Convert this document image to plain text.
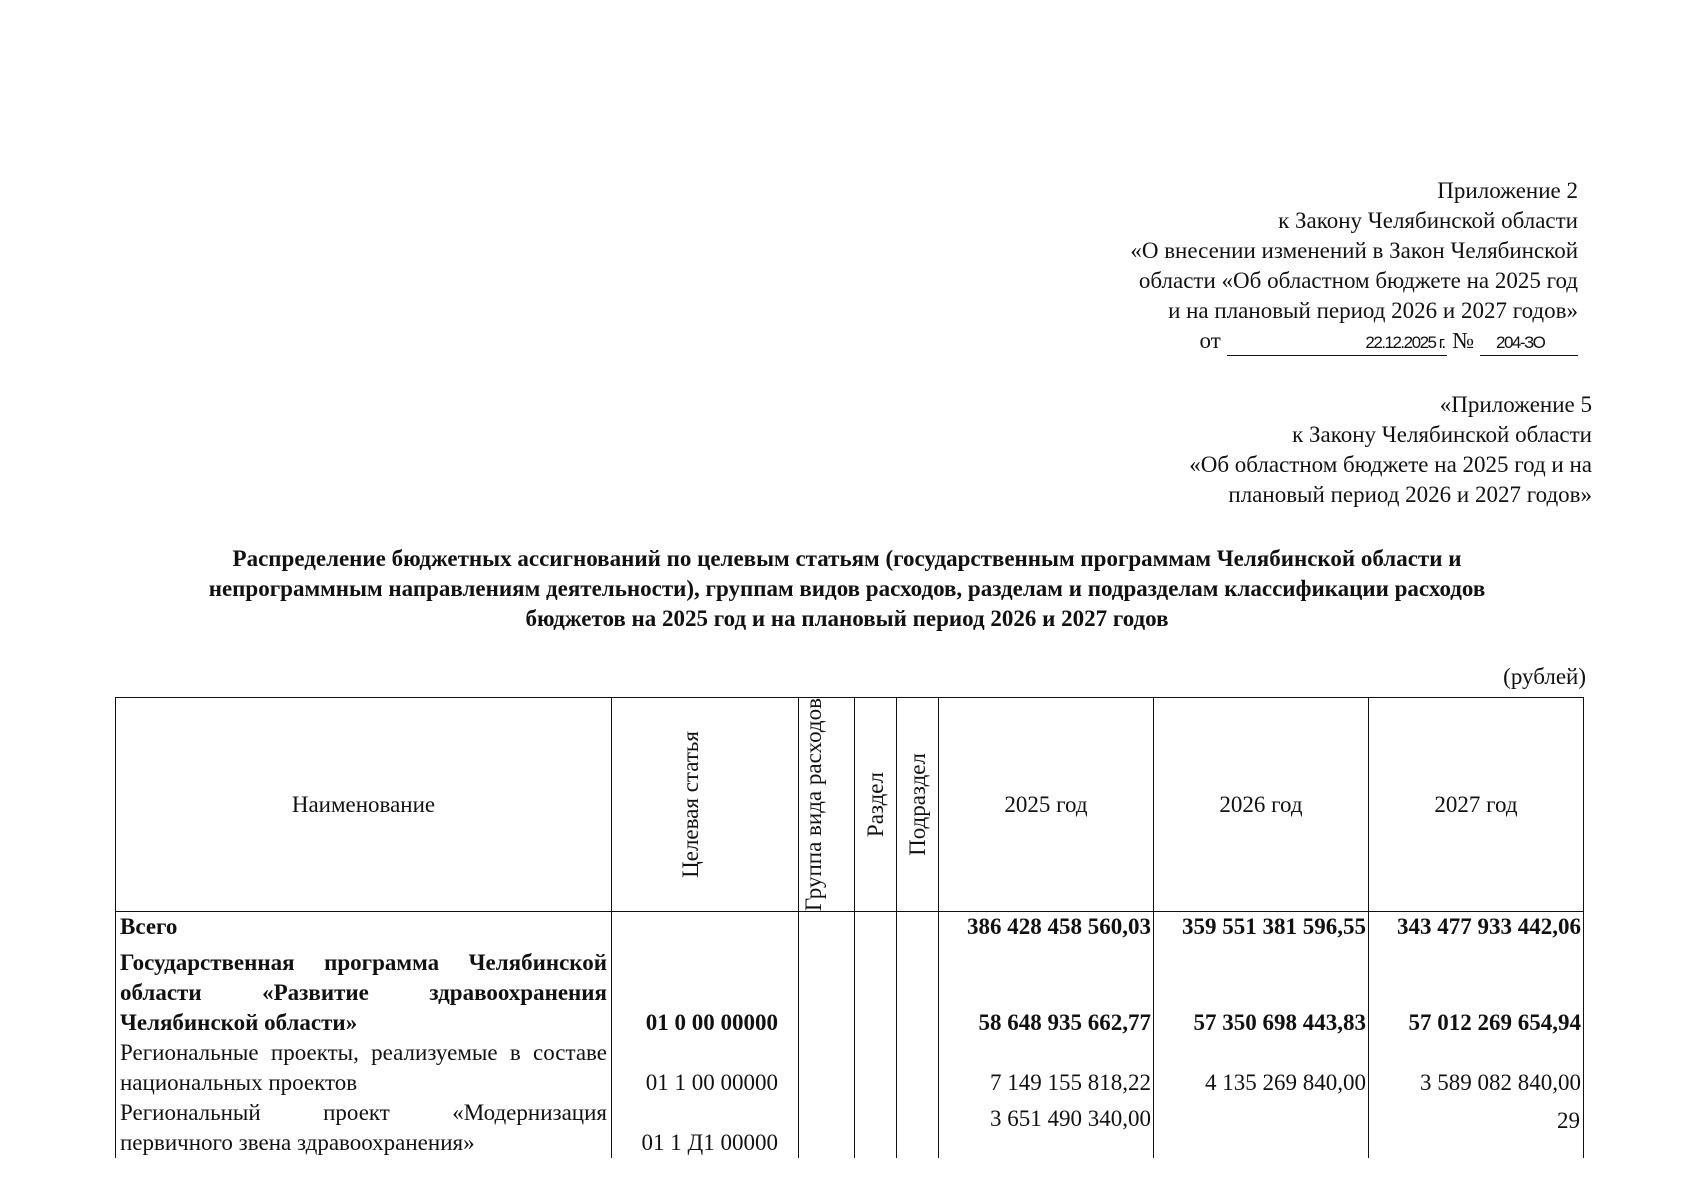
Приложение 2
к Закону Челябинской области
«О внесении изменений в Закон Челябинской
области «Об областном бюджете на 2025 год
и на плановый период 2026 и 2027 годов»
от	22.12.2025 г. № 204-ЗО
«Приложение 5
к Закону Челябинской области
«Об областном бюджете на 2025 год и на
плановый период 2026 и 2027 годов»
Распределение бюджетных ассигнований по целевым статьям (государственным программам Челябинской области и
непрограммным направлениям деятельности), группам видов расходов, разделам и подразделам классификации расходов
бюджетов на 2025 год и на плановый период 2026 и 2027 годов
(рублей)
Наименование	Целевая статья	Группа вида расходов	Раздел	Подраздел	2025 год	2026 год	2027 год
Всего					386 428 458 560,03	359 551 381 596,55	343 477 933 442,06
Государственная программа Челябинской области «Развитие здравоохранения Челябинской области»	01 0 00 00000				58 648 935 662,77	57 350 698 443,83	57 012 269 654,94
Региональные проекты, реализуемые в составе национальных проектов	01 1 00 00000				7 149 155 818,22	4 135 269 840,00	3 589 082 840,00
Региональный проект «Модернизация первичного звена здравоохранения»	01 1 Д1 00000				3 651 490 340,00			29
